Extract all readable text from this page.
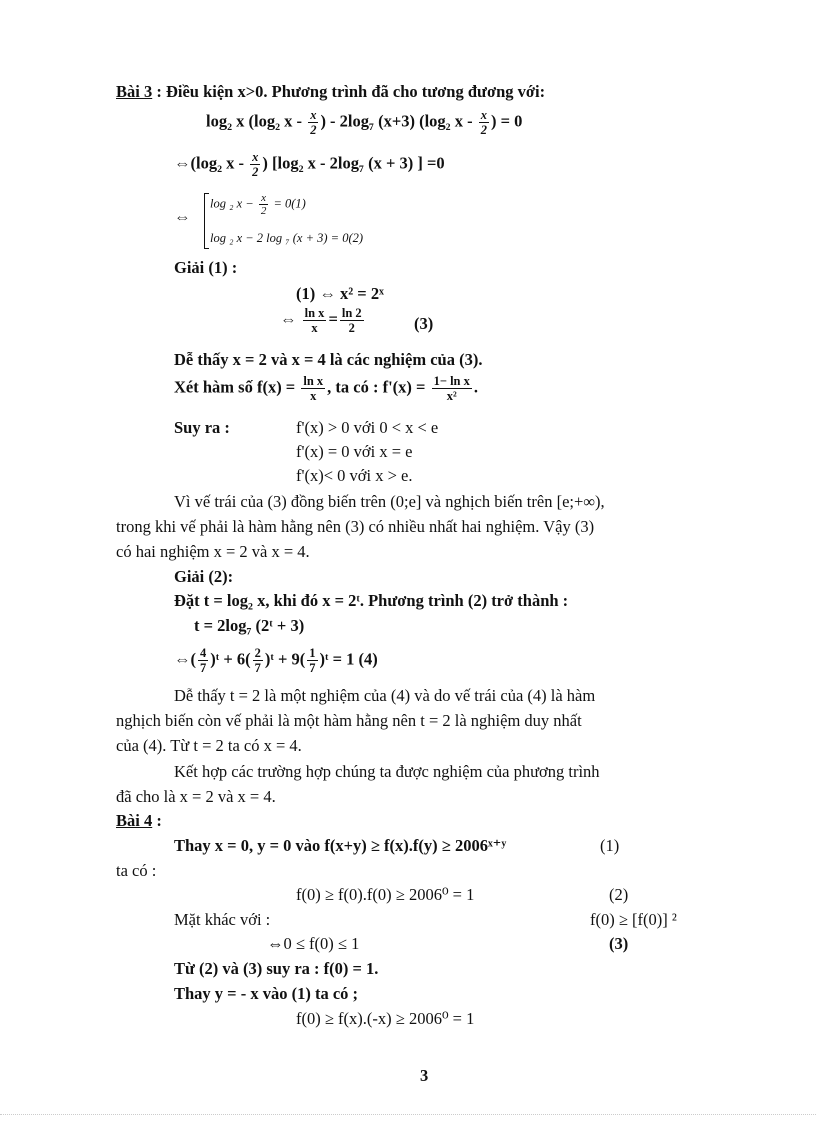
Bài 3 : Điều kiện x>0. Phương trình đã cho tương đương với:
log₂ x (log₂ x - $\frac{x}{2}$ ) - 2log₇ (x+3) (log₂ x - $\frac{x}{2}$ ) = 0
⇔(log₂ x - $\frac{x}{2}$ ) [log₂ x - 2log₇ (x + 3) ] =0
⇔
log ₂ $x - \frac{x}{2} = 0(1)$
log ₂ x − 2 log ₇ (x + 3) = 0(2)
Giải (1) :
(1) ⇔ x² = 2ˣ
⇔ $\frac{\text{ln x}}{x} = \frac{\ln 2}{2}$	(3)
Dễ thấy x = 2 và x = 4 là các nghiệm của (3).
Xét hàm số $f(x) = \frac{\text{ln x}}{x}$ , ta có : $f'(x) = \frac{\text{1− ln x}}{\text{x²}}$ .
Suy ra :	f'(x) > 0 với 0 < x < e
f'(x) = 0 với x = e
f'(x)< 0 với x > e.
Vì vế trái của (3) đồng biến trên (0;e] và nghịch biến trên [e;+∞),
trong khi vế phải là hàm hằng nên (3) có nhiều nhất hai nghiệm. Vậy (3)
có hai nghiệm x = 2 và x = 4.
Giải (2):
Đặt t = log₂ x, khi đó x = 2ᵗ. Phương trình (2) trở thành :
t = 2log₇ (2ᵗ + 3)
⇔( $\frac{4}{7}$ )ᵗ + $6( \frac{2}{7}$ )ᵗ + $9( \frac{1}{7}$ )ᵗ = 1 (4)
Dễ thấy t = 2 là một nghiệm của (4) và do vế trái của (4) là hàm
nghịch biến còn vế phải là một hàm hằng nên t = 2 là nghiệm duy nhất
của (4). Từ t = 2 ta có x = 4.
Kết hợp các trường hợp chúng ta được nghiệm của phương trình
đã cho là x = 2 và x = 4.
Bài 4 :
Thay x = 0, y = 0 vào f(x+y) ≥ f(x).f(y) ≥ 2006ˣ⁺ʸ	(1)
ta có :
f(0) ≥ f(0).f(0) ≥ 2006⁰ = 1	(2)
Mặt khác với :	f(0) ≥ [f(0)] ²
⇔0 ≤ f(0) ≤ 1	(3)
Từ (2) và (3) suy ra : f(0) = 1.
Thay y = - x vào (1) ta có ;
f(0) ≥ f(x).(-x) ≥ 2006⁰ = 1
3
